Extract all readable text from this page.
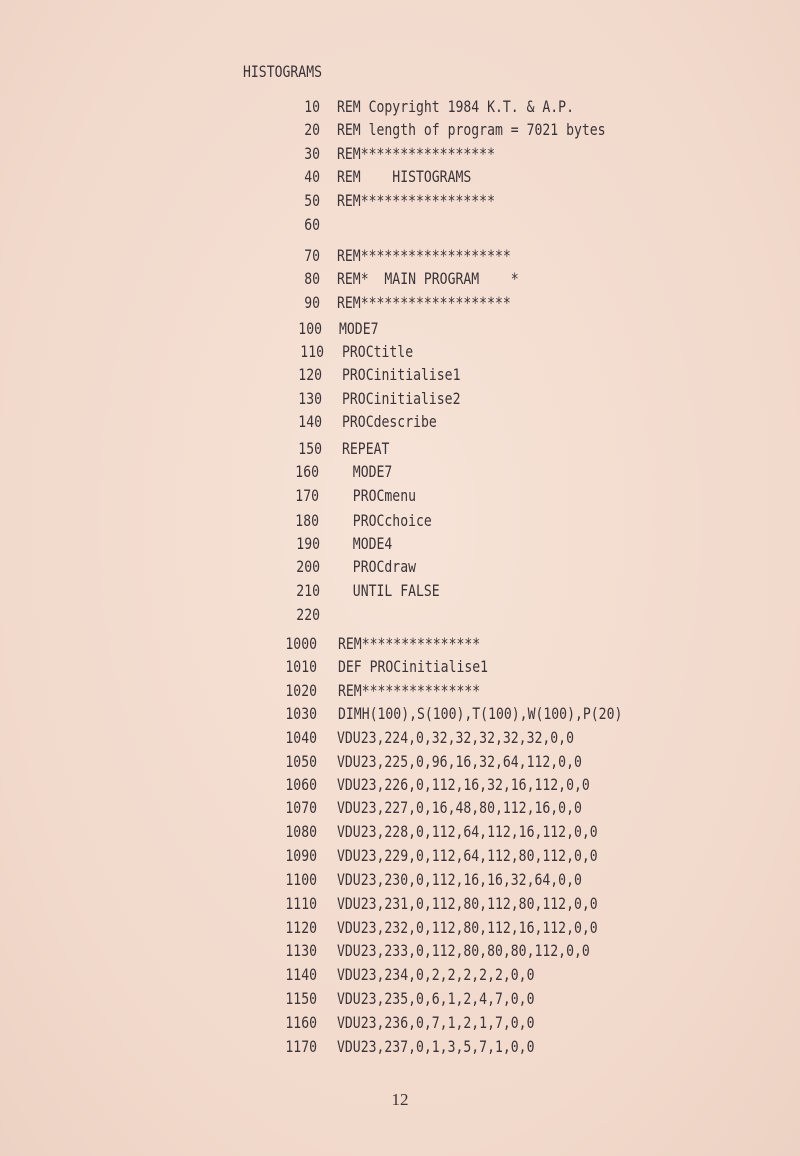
HISTOGRAMS
10 REM Copyright 1984 K.T. & A.P.
20 REM length of program = 7021 bytes
30 REM*****************
40 REM    HISTOGRAMS
50 REM*****************
60
70 REM*******************
80 REM*  MAIN PROGRAM    *
90 REM*******************
100 MODE7
110 PROCtitle
120 PROCinitialise1
130 PROCinitialise2
140 PROCdescribe
150 REPEAT
160 MODE7
170 PROCmenu
180 PROCchoice
190 MODE4
200 PROCdraw
210 UNTIL FALSE
220
1000 REM***************
1010 DEF PROCinitialise1
1020 REM***************
1030 DIMH(100),S(100),T(100),W(100),P(20)
1040 VDU23,224,0,32,32,32,32,32,0,0
1050 VDU23,225,0,96,16,32,64,112,0,0
1060 VDU23,226,0,112,16,32,16,112,0,0
1070 VDU23,227,0,16,48,80,112,16,0,0
1080 VDU23,228,0,112,64,112,16,112,0,0
1090 VDU23,229,0,112,64,112,80,112,0,0
1100 VDU23,230,0,112,16,16,32,64,0,0
1110 VDU23,231,0,112,80,112,80,112,0,0
1120 VDU23,232,0,112,80,112,16,112,0,0
1130 VDU23,233,0,112,80,80,80,112,0,0
1140 VDU23,234,0,2,2,2,2,2,0,0
1150 VDU23,235,0,6,1,2,4,7,0,0
1160 VDU23,236,0,7,1,2,1,7,0,0
1170 VDU23,237,0,1,3,5,7,1,0,0
12
